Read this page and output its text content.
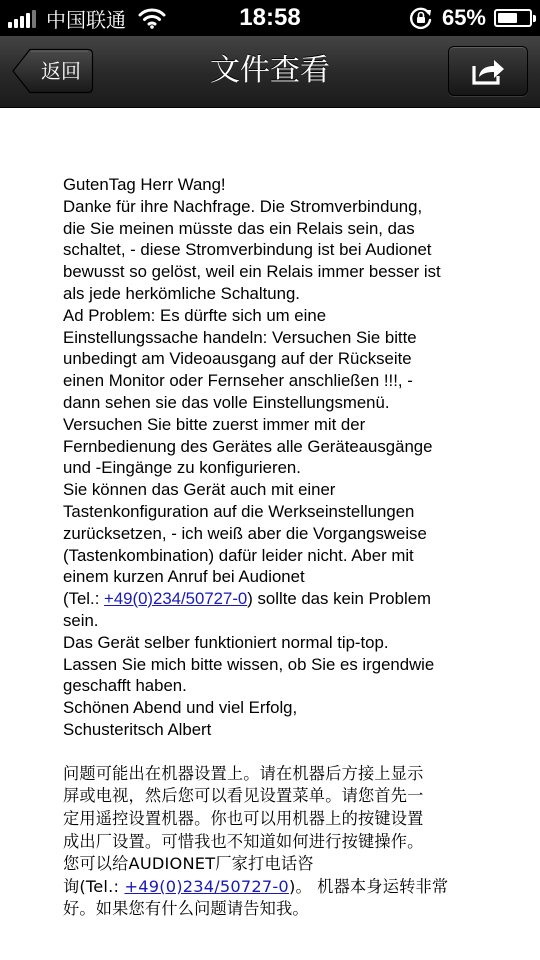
中国联通	18:58	65%
文件查看
返回

GutenTag Herr Wang!

Danke für ihre Nachfrage. Die Stromverbindung,

die Sie meinen müsste das ein Relais sein, das

schaltet, - diese Stromverbindung ist bei Audionet

bewusst so gelöst, weil ein Relais immer besser ist

als jede herkömliche Schaltung.

Ad Problem: Es dürfte sich um eine

Einstellungssache handeln: Versuchen Sie bitte

unbedingt am Videoausgang auf der Rückseite

einen Monitor oder Fernseher anschließen !!!, -

dann sehen sie das volle Einstellungsmenü.

Versuchen Sie bitte zuerst immer mit der

Fernbedienung des Gerätes alle Geräteausgänge

und -Eingänge zu konfigurieren.

Sie können das Gerät auch mit einer

Tastenkonfiguration auf die Werkseinstellungen

zurücksetzen, - ich weiß aber die Vorgangsweise

(Tastenkombination) dafür leider nicht. Aber mit

einem kurzen Anruf bei Audionet

(Tel.: +49(0)234/50727-0) sollte das kein Problem

sein.

Das Gerät selber funktioniert normal tip-top.

Lassen Sie mich bitte wissen, ob Sie es irgendwie

geschafft haben.

Schönen Abend und viel Erfolg,

Schusteritsch Albert

问题可能出在机器设置上。请在机器后方接上显示

屏或电视，然后您可以看见设置菜单。请您首先一

定用遥控设置机器。你也可以用机器上的按键设置

成出厂设置。可惜我也不知道如何进行按键操作。

您可以给AUDIONET厂家打电话咨

询(Tel.: +49(0)234/50727-0)。 机器本身运转非常

好。如果您有什么问题请告知我。
